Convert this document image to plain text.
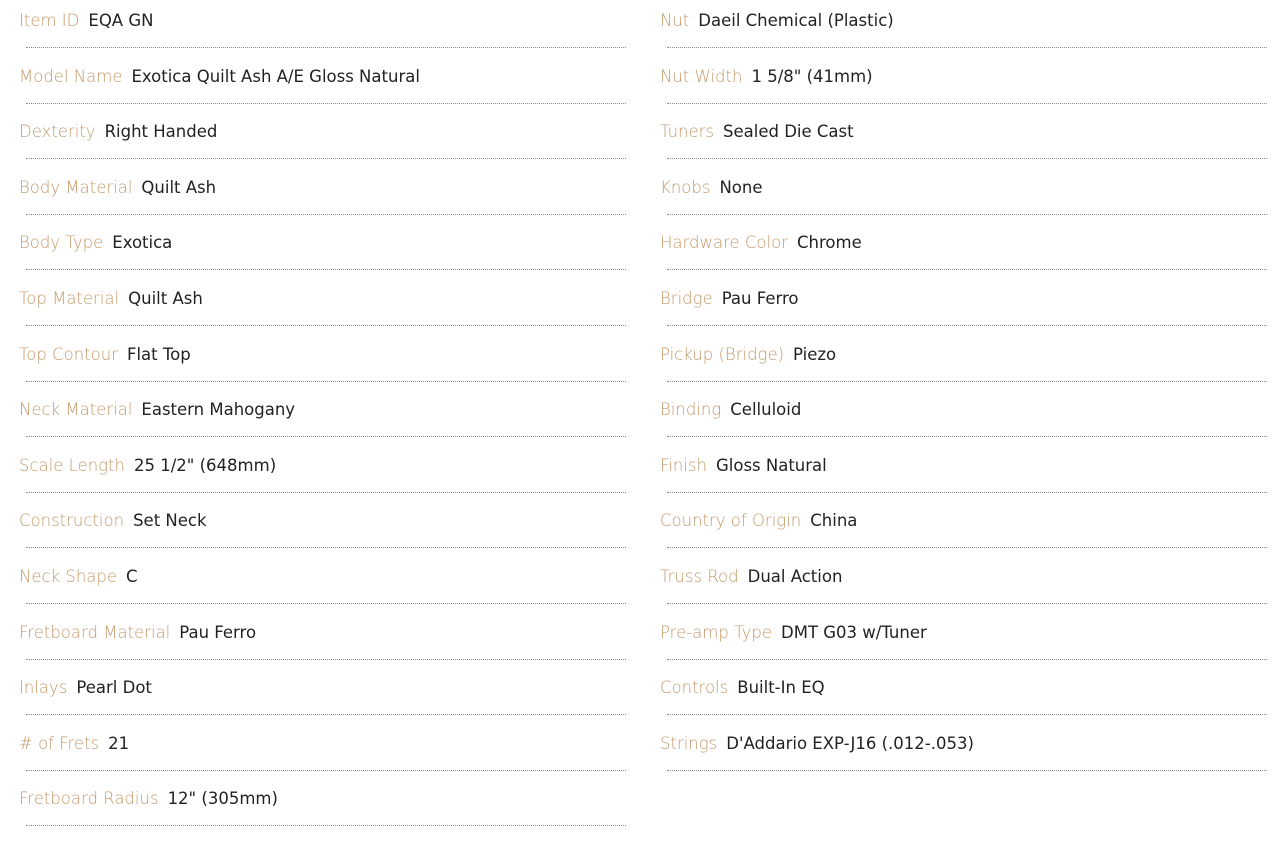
Item ID EQA GN
Model Name Exotica Quilt Ash A/E Gloss Natural
Dexterity Right Handed
Body Material Quilt Ash
Body Type Exotica
Top Material Quilt Ash
Top Contour Flat Top
Neck Material Eastern Mahogany
Scale Length 25 1/2" (648mm)
Construction Set Neck
Neck Shape C
Fretboard Material Pau Ferro
Inlays Pearl Dot
# of Frets 21
Fretboard Radius 12" (305mm)
Nut Daeil Chemical (Plastic)
Nut Width 1 5/8" (41mm)
Tuners Sealed Die Cast
Knobs None
Hardware Color Chrome
Bridge Pau Ferro
Pickup (Bridge) Piezo
Binding Celluloid
Finish Gloss Natural
Country of Origin China
Truss Rod Dual Action
Pre-amp Type DMT G03 w/Tuner
Controls Built-In EQ
Strings D'Addario EXP-J16 (.012-.053)
